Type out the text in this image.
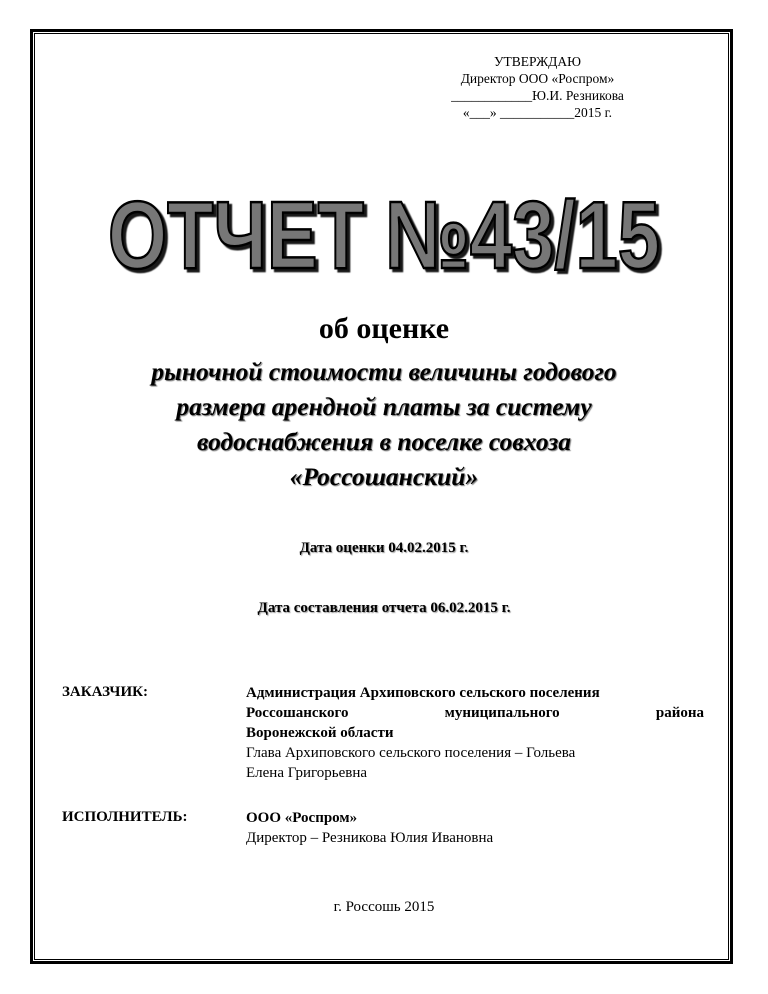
УТВЕРЖДАЮ
Директор ООО «Роспром»
____________Ю.И. Резникова
«___» ___________2015 г.
ОТЧЕТ №43/15
об оценке
рыночной стоимости величины годового
размера арендной платы за систему
водоснабжения в поселке совхоза
«Россошанский»
Дата оценки 04.02.2015 г.
Дата составления отчета 06.02.2015 г.
ЗАКАЗЧИК:	Администрация Архиповского сельского поселения
Россошанского	муниципального	района
Воронежской области
Глава Архиповского сельского поселения – Гольева
Елена Григорьевна
ИСПОЛНИТЕЛЬ:	ООО «Роспром»
Директор – Резникова Юлия Ивановна
г. Россошь 2015
